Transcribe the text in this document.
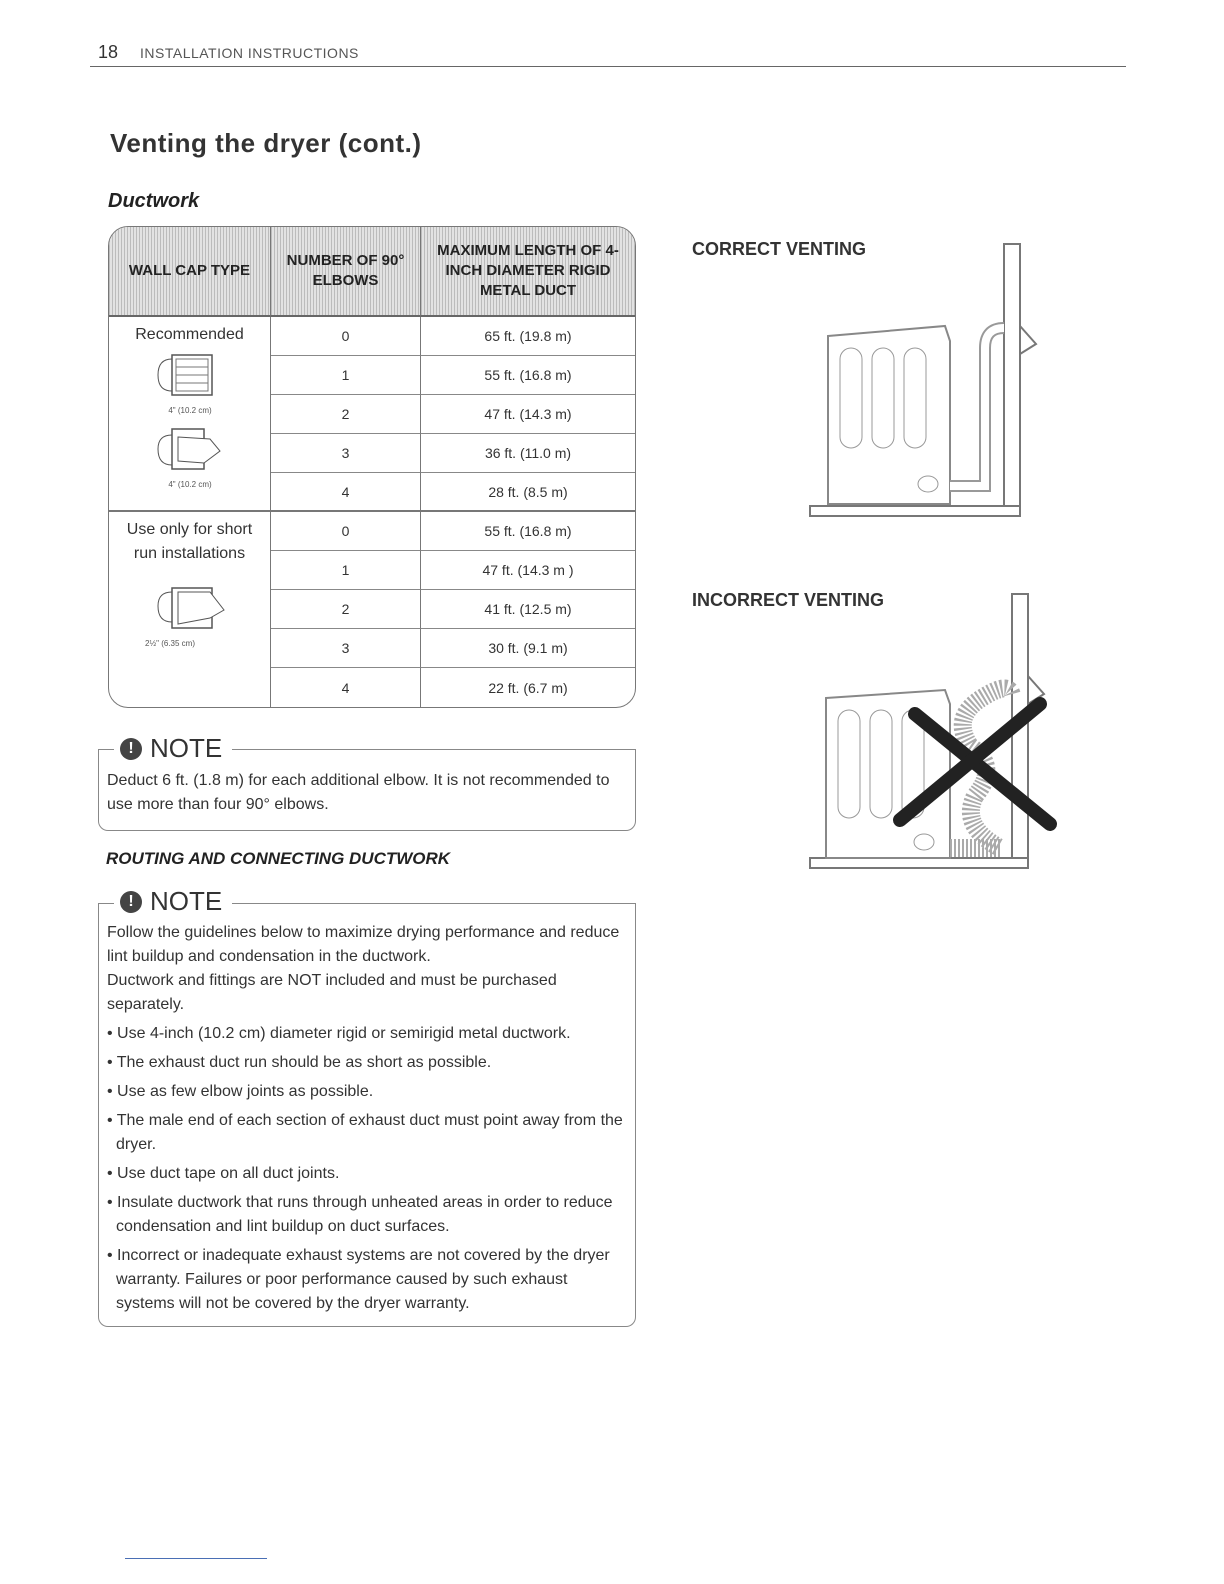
18 INSTALLATION INSTRUCTIONS
Venting the dryer (cont.)
Ductwork
WALL CAP TYPE	NUMBER OF 90° ELBOWS	MAXIMUM LENGTH OF 4-INCH DIAMETER RIGID METAL DUCT

Recommended
4" (10.2 cm)
4" (10.2 cm)	0	65 ft. (19.8 m)
	1	55 ft. (16.8 m)
	2	47 ft. (14.3 m)
	3	36 ft. (11.0 m)
	4	28 ft. (8.5 m)

Use only for short run installations
2½" (6.35 cm)	0	55 ft. (16.8 m)
	1	47 ft. (14.3 m )
	2	41 ft. (12.5 m)
	3	30 ft. (9.1 m)
	4	22 ft. (6.7 m)
Deduct 6 ft. (1.8 m) for each additional elbow. It is not recommended to use more than four 90° elbows.
! NOTE
ROUTING AND CONNECTING DUCTWORK
Follow the guidelines below to maximize drying performance and reduce lint buildup and condensation in the ductwork.
Ductwork and fittings are NOT included and must be purchased separately.
• Use 4-inch (10.2 cm) diameter rigid or semirigid metal ductwork.
• The exhaust duct run should be as short as possible.
• Use as few elbow joints as possible.
• The male end of each section of exhaust duct must point away from the dryer.
• Use duct tape on all duct joints.
• Insulate ductwork that runs through unheated areas in order to reduce condensation and lint buildup on duct surfaces.
• Incorrect or inadequate exhaust systems are not covered by the dryer warranty. Failures or poor performance caused by such exhaust systems will not be covered by the dryer warranty.
! NOTE
CORRECT VENTING
INCORRECT VENTING
